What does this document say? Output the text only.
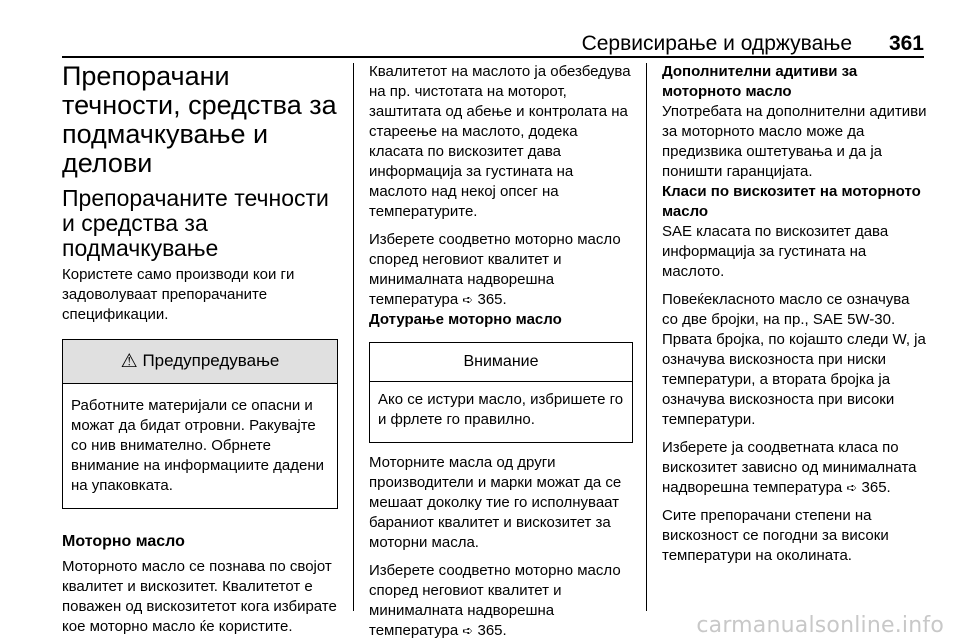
Сервисирање и одржување 361
Препорачани течности, средства за подмачкување и делови
Препорачаните течности и средства за подмачкување

Користете само производи кои ги задоволуваат препорачаните спецификации.

⚠ Предупредување
Работните материјали се опасни и можат да бидат отровни. Ракувајте со нив внимателно. Обрнете внимание на информациите дадени на упаковката.
Моторно масло

Моторното масло се познава по својот квалитет и вискозитет. Квалитетот е поважен од вискозитетот кога избирате кое моторно масло ќе користите.

Квалитетот на маслото ја обезбедува на пр. чистотата на моторот, заштитата од абење и контролата на стареење на маслото, додека класата по вискозитет дава информација за густината на маслото над некој опсег на температурите.

Изберете соодветно моторно масло според неговиот квалитет и минималната надворешна температура ➪ 365.

Дотурање моторно масло
Внимание
Ако се истури масло, избришете го и фрлете го правилно.

Моторните масла од други производители и марки можат да се мешаат доколку тие го исполнуваат бараниот квалитет и вискозитет за моторни масла.

Изберете соодветно моторно масло според неговиот квалитет и минималната надворешна температура ➪ 365.

Дополнителни адитиви за моторното масло

Употребата на дополнителни адитиви за моторното масло може да предизвика оштетувања и да ја поништи гаранцијата.

Класи по вискозитет на моторното масло

SAE класата по вискозитет дава информација за густината на маслото.

Повеќекласното масло се означува со две бројки, на пр., SAE 5W-30. Првата бројка, по којашто следи W, ја означува вискозноста при ниски температури, а втората бројка ја означува вискозноста при високи температури.

Изберете ја соодветната класа по вискозитет зависно од минималната надворешна температура ➪ 365.

Сите препорачани степени на вискозност се погодни за високи температури на околината.

carmanualsonline.info
